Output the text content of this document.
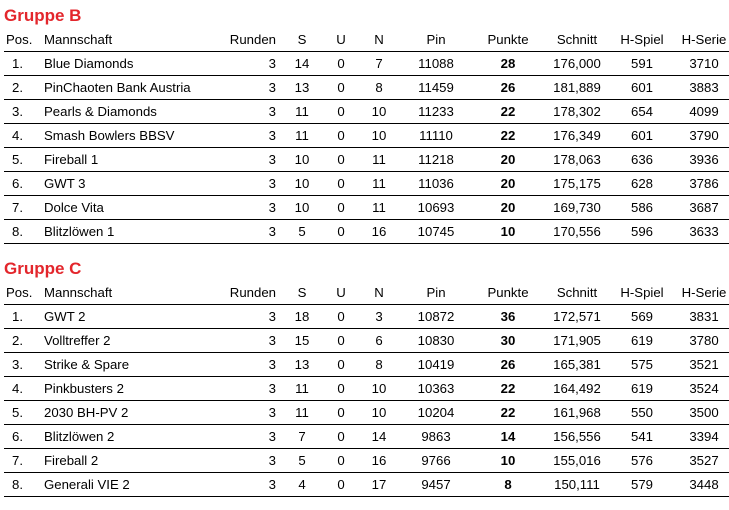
Gruppe B
Pos.	Mannschaft	Runden	S	U	N	Pin	Punkte	Schnitt	H-Spiel	H-Serie
1.	Blue Diamonds	3	14	0	7	11088	28	176,000	591	3710
2.	PinChaoten Bank Austria	3	13	0	8	11459	26	181,889	601	3883
3.	Pearls & Diamonds	3	11	0	10	11233	22	178,302	654	4099
4.	Smash Bowlers BBSV	3	11	0	10	11110	22	176,349	601	3790
5.	Fireball 1	3	10	0	11	11218	20	178,063	636	3936
6.	GWT 3	3	10	0	11	11036	20	175,175	628	3786
7.	Dolce Vita	3	10	0	11	10693	20	169,730	586	3687
8.	Blitzlöwen 1	3	5	0	16	10745	10	170,556	596	3633
Gruppe C
Pos.	Mannschaft	Runden	S	U	N	Pin	Punkte	Schnitt	H-Spiel	H-Serie
1.	GWT 2	3	18	0	3	10872	36	172,571	569	3831
2.	Volltreffer 2	3	15	0	6	10830	30	171,905	619	3780
3.	Strike & Spare	3	13	0	8	10419	26	165,381	575	3521
4.	Pinkbusters 2	3	11	0	10	10363	22	164,492	619	3524
5.	2030 BH-PV 2	3	11	0	10	10204	22	161,968	550	3500
6.	Blitzlöwen 2	3	7	0	14	9863	14	156,556	541	3394
7.	Fireball 2	3	5	0	16	9766	10	155,016	576	3527
8.	Generali VIE 2	3	4	0	17	9457	8	150,111	579	3448
